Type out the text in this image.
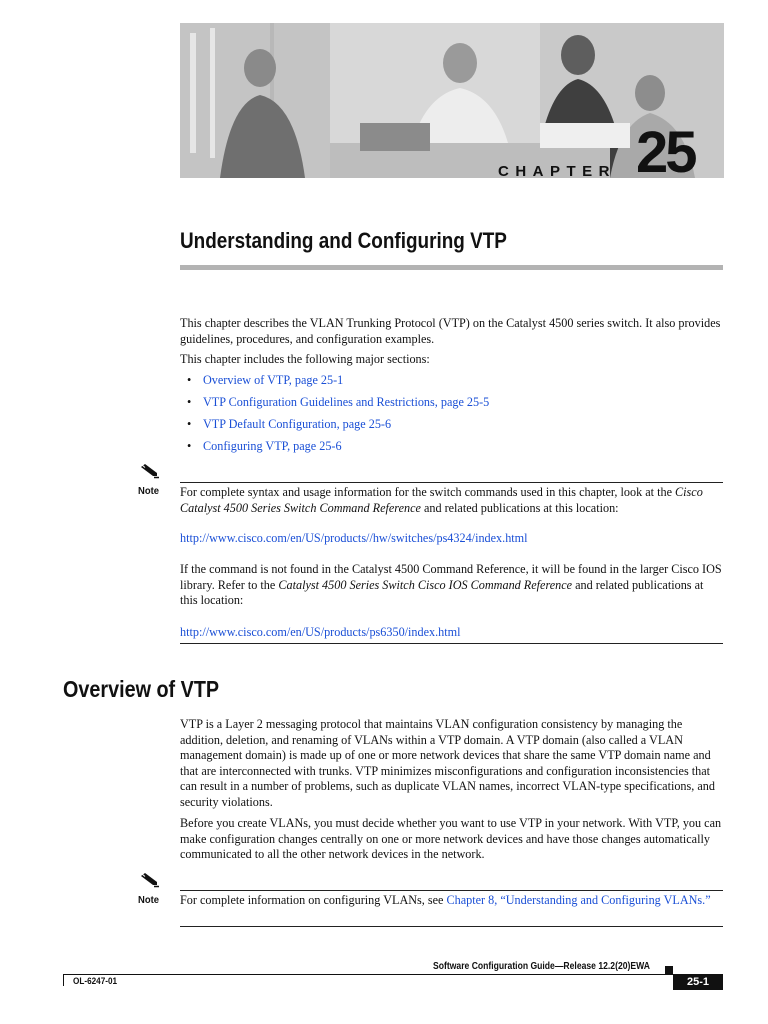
CHAPTER 25
Understanding and Configuring VTP

This chapter describes the VLAN Trunking Protocol (VTP) on the Catalyst 4500 series switch. It also provides guidelines, procedures, and configuration examples.

This chapter includes the following major sections:

• Overview of VTP, page 25-1
• VTP Configuration Guidelines and Restrictions, page 25-5
• VTP Default Configuration, page 25-6
• Configuring VTP, page 25-6
Note For complete syntax and usage information for the switch commands used in this chapter, look at the Cisco Catalyst 4500 Series Switch Command Reference and related publications at this location:

http://www.cisco.com/en/US/products//hw/switches/ps4324/index.html

If the command is not found in the Catalyst 4500 Command Reference, it will be found in the larger Cisco IOS library. Refer to the Catalyst 4500 Series Switch Cisco IOS Command Reference and related publications at this location:

http://www.cisco.com/en/US/products/ps6350/index.html
Overview of VTP

VTP is a Layer 2 messaging protocol that maintains VLAN configuration consistency by managing the addition, deletion, and renaming of VLANs within a VTP domain. A VTP domain (also called a VLAN management domain) is made up of one or more network devices that share the same VTP domain name and that are interconnected with trunks. VTP minimizes misconfigurations and configuration inconsistencies that can result in a number of problems, such as duplicate VLAN names, incorrect VLAN-type specifications, and security violations.

Before you create VLANs, you must decide whether you want to use VTP in your network. With VTP, you can make configuration changes centrally on one or more network devices and have those changes automatically communicated to all the other network devices in the network.

Note For complete information on configuring VLANs, see Chapter 8, “Understanding and Configuring VLANs.”

Software Configuration Guide—Release 12.2(20)EWA
OL-6247-01	25-1
